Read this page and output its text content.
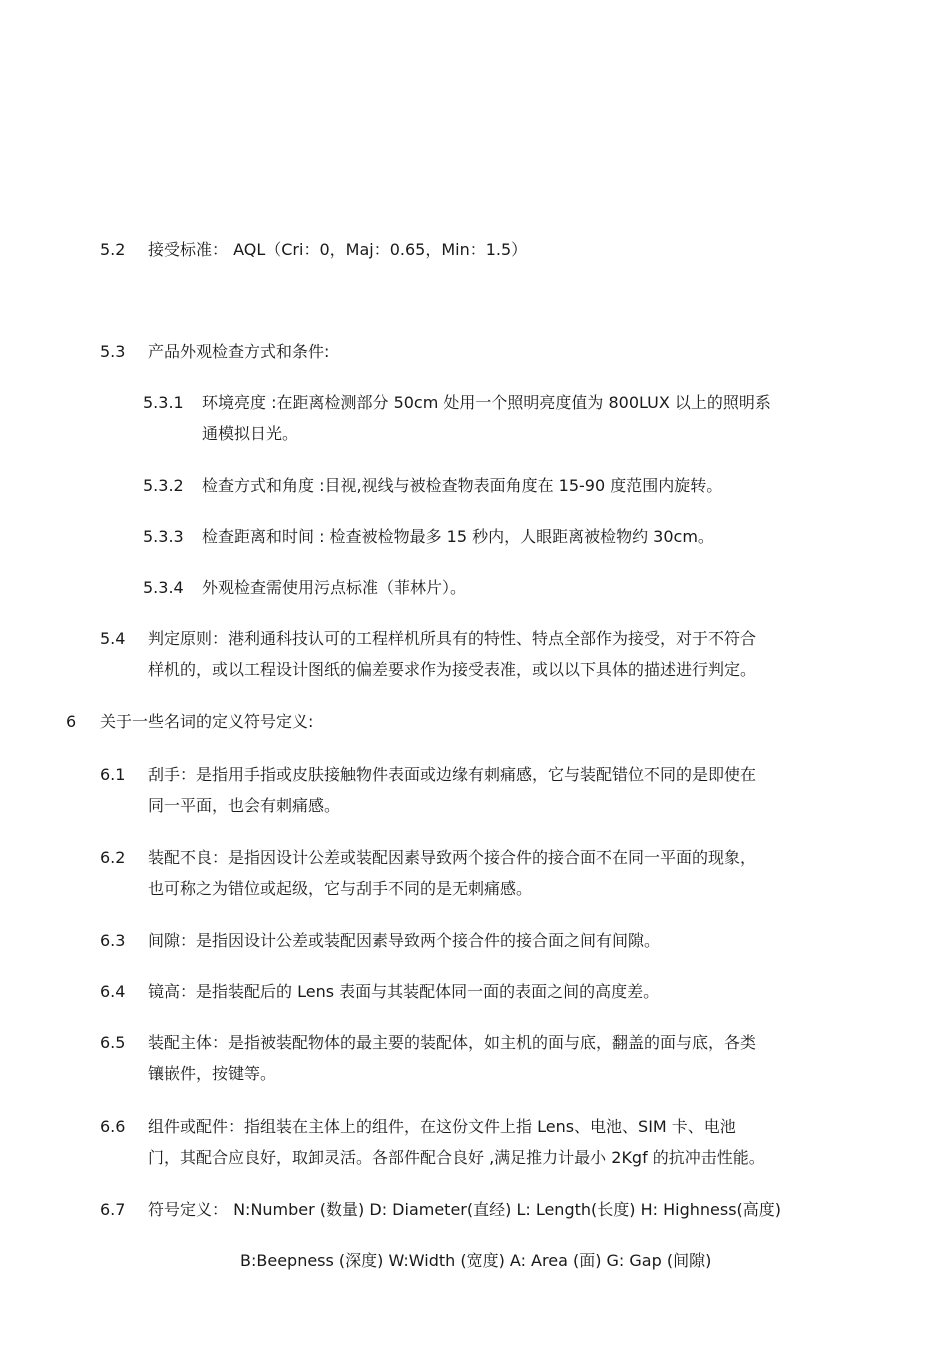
5.2 接受标准： AQL（Cri：0，Maj：0.65，Min：1.5）
5.3 产品外观检查方式和条件:
5.3.1 环境亮度 :在距离检测部分 50cm 处用一个照明亮度值为 800LUX 以上的照明系
通模拟日光。
5.3.2 检查方式和角度 :目视,视线与被检查物表面角度在 15-90 度范围内旋转。
5.3.3 检查距离和时间 : 检查被检物最多 15 秒内，人眼距离被检物约 30cm。
5.3.4 外观检查需使用污点标准（菲林片）。
5.4 判定原则：港利通科技认可的工程样机所具有的特性、特点全部作为接受，对于不符合
样机的，或以工程设计图纸的偏差要求作为接受表准，或以以下具体的描述进行判定。
6 关于一些名词的定义符号定义:
6.1 刮手：是指用手指或皮肤接触物件表面或边缘有刺痛感，它与装配错位不同的是即使在
同一平面，也会有刺痛感。
6.2 装配不良：是指因设计公差或装配因素导致两个接合件的接合面不在同一平面的现象，
也可称之为错位或起级，它与刮手不同的是无刺痛感。
6.3 间隙：是指因设计公差或装配因素导致两个接合件的接合面之间有间隙。
6.4 镜高：是指装配后的 Lens 表面与其装配体同一面的表面之间的高度差。
6.5 装配主体：是指被装配物体的最主要的装配体，如主机的面与底，翻盖的面与底，各类
镶嵌件，按键等。
6.6 组件或配件：指组装在主体上的组件，在这份文件上指 Lens、电池、SIM 卡、电池
门，其配合应良好，取卸灵活。各部件配合良好 ,满足推力计最小 2Kgf 的抗冲击性能。
6.7 符号定义： N:Number (数量) D: Diameter(直经) L: Length(长度) H: Highness(高度)
B:Beepness (深度) W:Width (宽度) A: Area (面) G: Gap (间隙)
